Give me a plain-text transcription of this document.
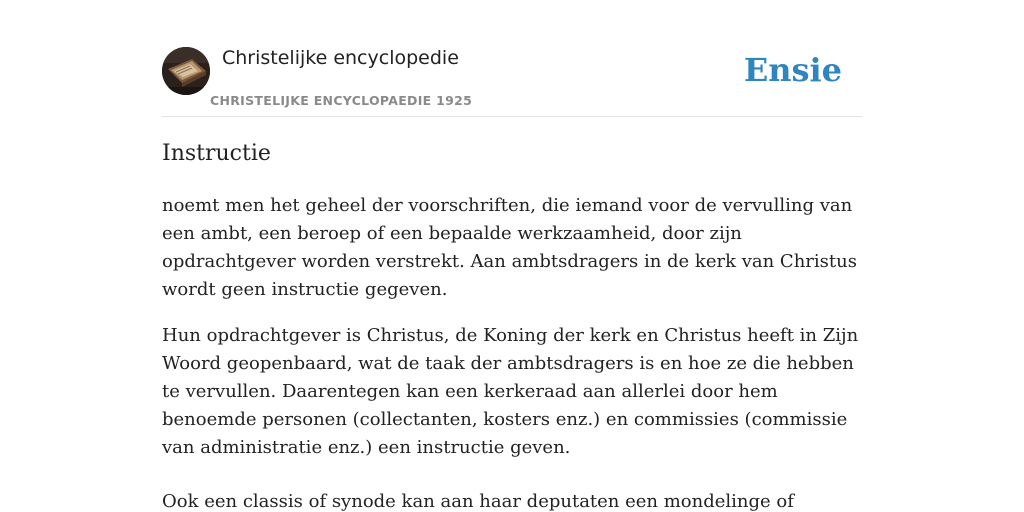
Christelijke encyclopedie
CHRISTELIJKE ENCYCLOPAEDIE 1925
Ensie
Instructie

noemt men het geheel der voorschriften, die iemand voor de vervulling van een ambt, een beroep of een bepaalde werkzaamheid, door zijn opdrachtgever worden verstrekt. Aan ambtsdragers in de kerk van Christus wordt geen instructie gegeven.

Hun opdrachtgever is Christus, de Koning der kerk en Christus heeft in Zijn Woord geopenbaard, wat de taak der ambtsdragers is en hoe ze die hebben te vervullen. Daarentegen kan een kerkeraad aan allerlei door hem benoemde personen (collectanten, kosters enz.) en commissies (commissie van administratie enz.) een instructie geven.

Ook een classis of synode kan aan haar deputaten een mondelinge of
